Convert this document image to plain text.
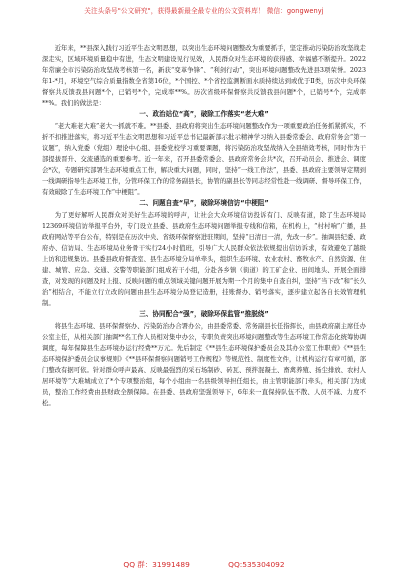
关注头条号"公文研究"，获得最新最全最专业的公文资料库！ 微信：gongwenyj

近年来，**县深入践行习近平生态文明思想，以突出生态环境问题整改为重要抓手，坚定推动污染防治攻坚战走深走实，区域环境质量稳中有进，生态文明建设见行见效，人民群众对生态环境的获得感、幸福感不断提升。2022年常廉全市污染防治攻坚战考核第一名，新获“变革争锋”、“利剑行动”，突出环境问题整改先进县3项荣誉。2023年1-*月，环境空气综合质量指数全省第16位，*个国控、*个省控监测断面水质持续达到或优于Ⅱ类，历次中央环保督察共反馈我县问题*个，已销号*个，完成率**%。历次省级环保督察共反馈我县问题*个，已销号*个，完成率**%。我们的做法是：

一、政治站位“高”，破除工作落实“老大难”

“老大难老大难”老大一抓就不难。**县委、县政府将突出生态环境问题整改作为一项重要政治任务抓紧抓实，不折不扣推进落实，将习近平生态文明思想和习近平总书记最新部示批示精神学习纳入县委常委会、政府常务会“第一议题”，纳入党委（党组）理论中心组、县委党校学习重要课题，将污染防治攻坚战纳入全县绩效考核，同时作为干部提拔晋升、交流遴选的重要参考。近一年来，召开县委常委会、县政府常务会共*次，召开动员会、推进会、调度会*次，专题研究部署生态环境重点工作，解决重大问题，同时，坚持“一线工作法”，县委、县政府主要领导定期到一线调研指导生态环境工作，分管环保工作的常务副县长，协管的副县长等同志经常性赴一线调研、督导环保工作，有效破除了生态环境工作“中梗阻”。

二、问题自查“早”，破除环境信访“中梗阻”

为了更好解听人民群众对美好生态环境的呼声，让社会大众环境信访投诉有门、反映有道，除了生态环境局12369环境信访举报平台外，专门设立县委、县政府生态环境问题举报专线和信箱，在机构上，“村村响”广播，县政府网站等平台公布，特别是在历次中央、省级环保督察进驻期间，坚持“日清日一清，先改一步”。抽调县纪委、政府办、信访局、生态环境局业务骨干实行24小时值班，引导广大人民群众依法依规提出信访诉求，有效避免了越级上访和违规集访。县委县政府督查室、县生态环境分局单牵头，组织生态环境、农业农村、畜牧水产、自然资源、住建、城管、应急、交通、交警等职能部门组成若干小组，分赴各乡镇（街道）的工矿企业、田间地头、开展全面排查，对发现的问题及时上报、反映问题的重点领域关键问题开展为期一个月的集中自查自纠，坚持“当下改”和“长久治”相结合，不能立行立改的问题由县生态环境分局登记造册，挂账督办、销号落实，逐步建立起各自长效管理机制。

三、协同配合“强”，破除环保监管“推脱绕”

将县生态环境、县环保督察办、污染防治办合署办公，由县委常委、常务副县长任指挥长，由县政府副主席任办公室主任，从相关部门抽调**名工作人员相对集中办公，专职负责突出环境问题整改等生态环境工作常态化统筹协调调度，每年保障县生态环境办运行经费**万元。先后制定《**县生态环境保护委员会及其办公室工作职责》《**县生态环境保护委员会议事规则》《**县环保督察问题销号工作规程》等规范性、制度性文件，让机构运行有章可循，部门整改有据可依。针对群众呼声最高、反映最强烈的采石场制砂、砖瓦、预拌混凝土、畜禽养殖、扬尘排放、农村人居环境等“大难城成立了*个专项整治组，每个小组由一名县级领导担任组长，由主管职能部门牵头，相关部门为成员，整治工作经费由县财政全额保障。在县委、县政府坚强领导下，6年来一直保持队伍不散、人员不减、力度不松。

QQ 群：31991489	QQ:535304092
